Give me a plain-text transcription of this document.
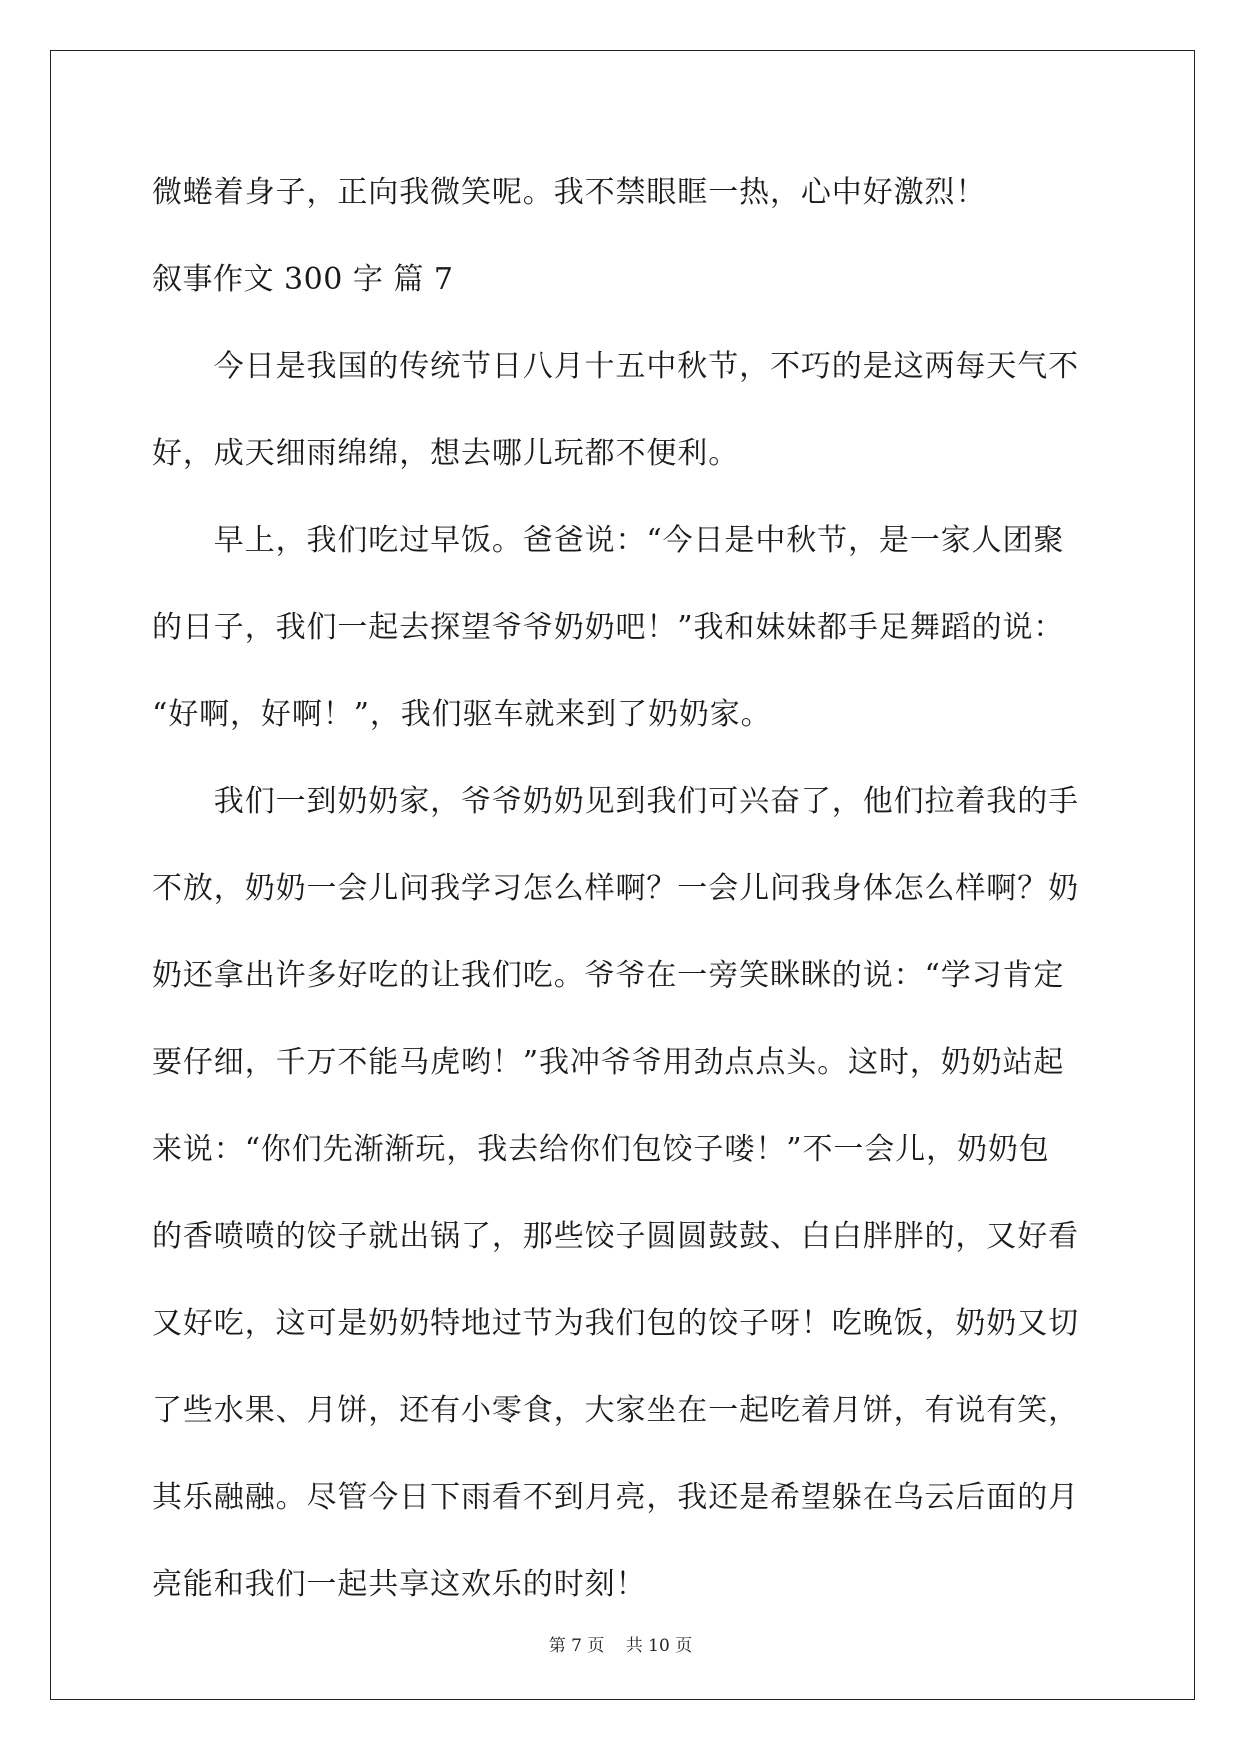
微蜷着身子，正向我微笑呢。我不禁眼眶一热，心中好激烈！
叙事作文 300 字 篇 7
　　今日是我国的传统节日八月十五中秋节，不巧的是这两每天气不
好，成天细雨绵绵，想去哪儿玩都不便利。
　　早上，我们吃过早饭。爸爸说：“今日是中秋节，是一家人团聚
的日子，我们一起去探望爷爷奶奶吧！”我和妹妹都手足舞蹈的说：
“好啊，好啊！”，我们驱车就来到了奶奶家。
　　我们一到奶奶家，爷爷奶奶见到我们可兴奋了，他们拉着我的手
不放，奶奶一会儿问我学习怎么样啊？一会儿问我身体怎么样啊？奶
奶还拿出许多好吃的让我们吃。爷爷在一旁笑眯眯的说：“学习肯定
要仔细，千万不能马虎哟！”我冲爷爷用劲点点头。这时，奶奶站起
来说：“你们先渐渐玩，我去给你们包饺子喽！”不一会儿，奶奶包
的香喷喷的饺子就出锅了，那些饺子圆圆鼓鼓、白白胖胖的，又好看
又好吃，这可是奶奶特地过节为我们包的饺子呀！吃晚饭，奶奶又切
了些水果、月饼，还有小零食，大家坐在一起吃着月饼，有说有笑，
其乐融融。尽管今日下雨看不到月亮，我还是希望躲在乌云后面的月
亮能和我们一起共享这欢乐的时刻！
第 7 页 共 10 页
